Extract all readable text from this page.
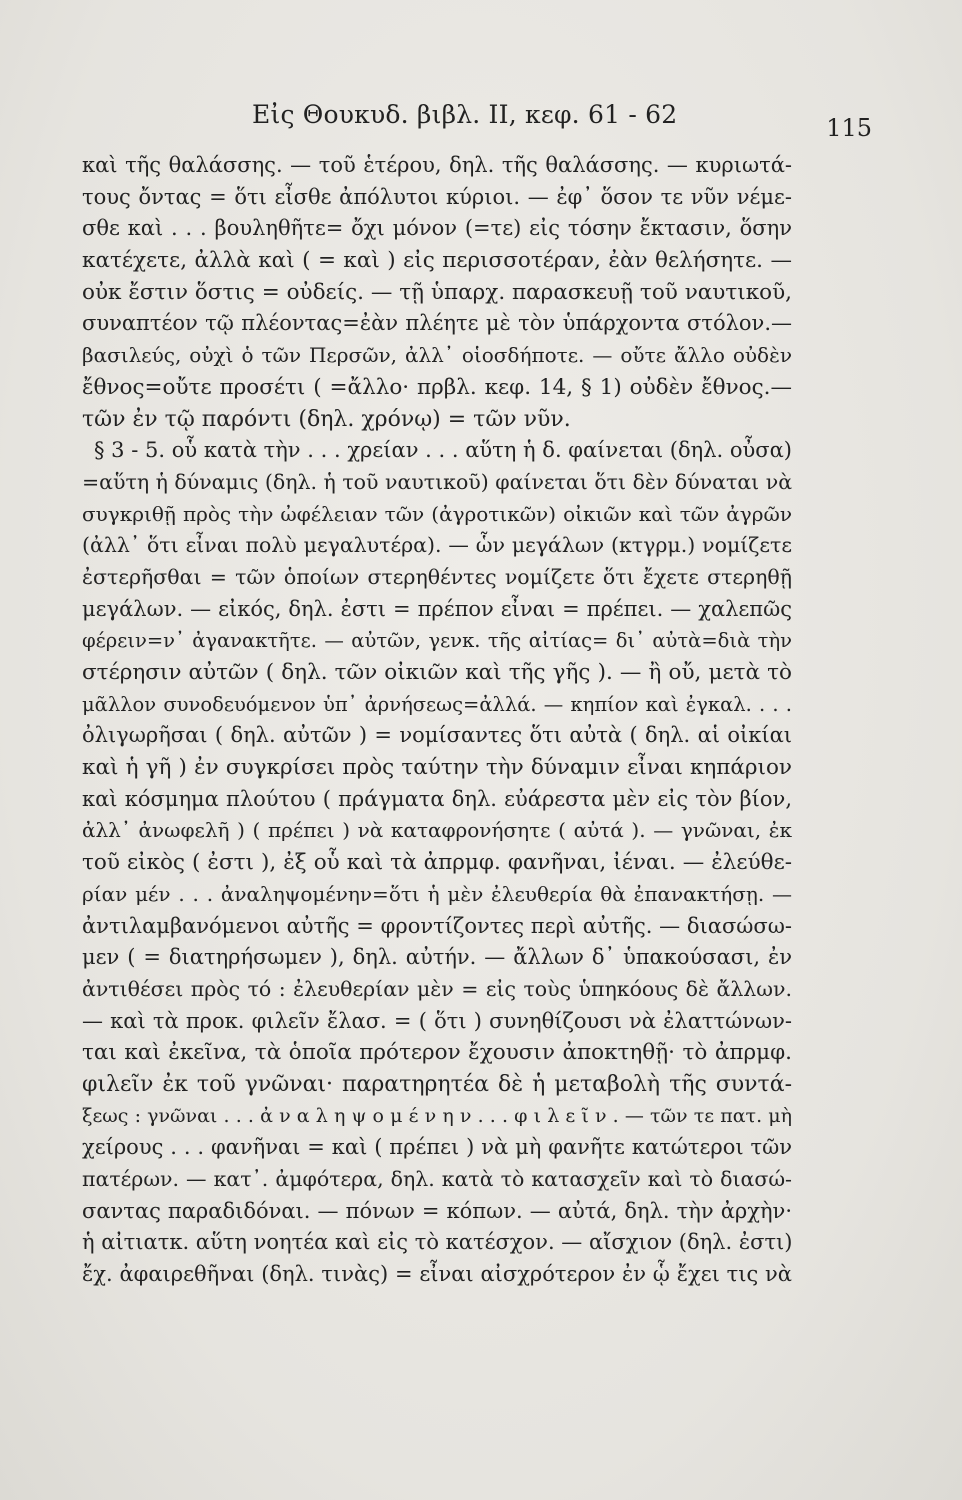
Εἰς Θουκυδ. βιβλ. II, κεφ. 61 - 62	115
καὶ τῆς θαλάσσης. — τοῦ ἑτέρου, δηλ. τῆς θαλάσσης. — κυριωτά-
τους ὄντας = ὅτι εἶσθε ἀπόλυτοι κύριοι. — ἐφ᾿ ὅσον τε νῦν νέμε-
σθε καὶ . . . βουληθῆτε= ὄχι μόνον (=τε) εἰς τόσην ἔκτασιν, ὅσην
κατέχετε, ἀλλὰ καὶ ( = καὶ ) εἰς περισσοτέραν, ἐὰν θελήσητε. —
οὐκ ἔστιν ὅστις = οὐδείς. — τῇ ὑπαρχ. παρασκευῇ τοῦ ναυτικοῦ,
συναπτέον τῷ πλέοντας=ἐὰν πλέητε μὲ τὸν ὑπάρχοντα στόλον.—
βασιλεύς, οὐχὶ ὁ τῶν Περσῶν, ἀλλ᾿ οἱοσδήποτε. — οὔτε ἄλλο οὐδὲν
ἔθνος=οὔτε προσέτι ( =ἄλλο· πρβλ. κεφ. 14, § 1) οὐδὲν ἔθνος.—
τῶν ἐν τῷ παρόντι (δηλ. χρόνῳ) = τῶν νῦν.
§ 3 - 5. οὗ κατὰ τὴν . . . χρείαν . . . αὕτη ἡ δ. φαίνεται (δηλ. οὖσα)
=αὕτη ἡ δύναμις (δηλ. ἡ τοῦ ναυτικοῦ) φαίνεται ὅτι δὲν δύναται νὰ
συγκριθῇ πρὸς τὴν ὠφέλειαν τῶν (ἀγροτικῶν) οἰκιῶν καὶ τῶν ἀγρῶν
(ἀλλ᾿ ὅτι εἶναι πολὺ μεγαλυτέρα). — ὧν μεγάλων (κτγρμ.) νομίζετε
ἐστερῆσθαι = τῶν ὁποίων στερηθέντες νομίζετε ὅτι ἔχετε στερηθῇ
μεγάλων. — εἰκός, δηλ. ἐστι = πρέπον εἶναι = πρέπει. — χαλεπῶς
φέρειν=ν᾿ ἀγανακτῆτε. — αὐτῶν, γενκ. τῆς αἰτίας= δι᾿ αὐτὰ=διὰ τὴν
στέρησιν αὐτῶν ( δηλ. τῶν οἰκιῶν καὶ τῆς γῆς ). — ἢ οὔ, μετὰ τὸ
μᾶλλον συνοδευόμενον ὑπ᾿ ἀρνήσεως=ἀλλά. — κηπίον καὶ ἐγκαλ. . . .
ὀλιγωρῆσαι ( δηλ. αὐτῶν ) = νομίσαντες ὅτι αὐτὰ ( δηλ. αἱ οἰκίαι
καὶ ἡ γῆ ) ἐν συγκρίσει πρὸς ταύτην τὴν δύναμιν εἶναι κηπάριον
καὶ κόσμημα πλούτου ( πράγματα δηλ. εὐάρεστα μὲν εἰς τὸν βίον,
ἀλλ᾿ ἀνωφελῆ ) ( πρέπει ) νὰ καταφρονήσητε ( αὐτά ). — γνῶναι, ἐκ
τοῦ εἰκὸς ( ἐστι ), ἐξ οὗ καὶ τὰ ἀπρμφ. φανῆναι, ἰέναι. — ἐλεύθε-
ρίαν μέν . . . ἀναληψομένην=ὅτι ἡ μὲν ἐλευθερία θὰ ἐπανακτήσῃ. —
ἀντιλαμβανόμενοι αὐτῆς = φροντίζοντες περὶ αὐτῆς. — διασώσω-
μεν ( = διατηρήσωμεν ), δηλ. αὐτήν. — ἄλλων δ᾿ ὑπακούσασι, ἐν
ἀντιθέσει πρὸς τό : ἐλευθερίαν μὲν = εἰς τοὺς ὑπηκόους δὲ ἄλλων.
— καὶ τὰ προκ. φιλεῖν ἔλασ. = ( ὅτι ) συνηθίζουσι νὰ ἐλαττώνων-
ται καὶ ἐκεῖνα, τὰ ὁποῖα πρότερον ἔχουσιν ἀποκτηθῇ· τὸ ἀπρμφ.
φιλεῖν ἐκ τοῦ γνῶναι· παρατηρητέα δὲ ἡ μεταβολὴ τῆς συντά-
ξεως : γνῶναι . . . ἀ ν α λ η ψ ο μ έ ν η ν . . . φ ι λ ε ῖ ν . — τῶν τε πατ. μὴ
χείρους . . . φανῆναι = καὶ ( πρέπει ) νὰ μὴ φανῆτε κατώτεροι τῶν
πατέρων. — κατ᾿. ἀμφότερα, δηλ. κατὰ τὸ κατασχεῖν καὶ τὸ διασώ-
σαντας παραδιδόναι. — πόνων = κόπων. — αὐτά, δηλ. τὴν ἀρχὴν·
ἡ αἰτιατκ. αὕτη νοητέα καὶ εἰς τὸ κατέσχον. — αἴσχιον (δηλ. ἐστι)
ἔχ. ἀφαιρεθῆναι (δηλ. τινὰς) = εἶναι αἰσχρότερον ἐν ᾧ ἔχει τις νὰ
